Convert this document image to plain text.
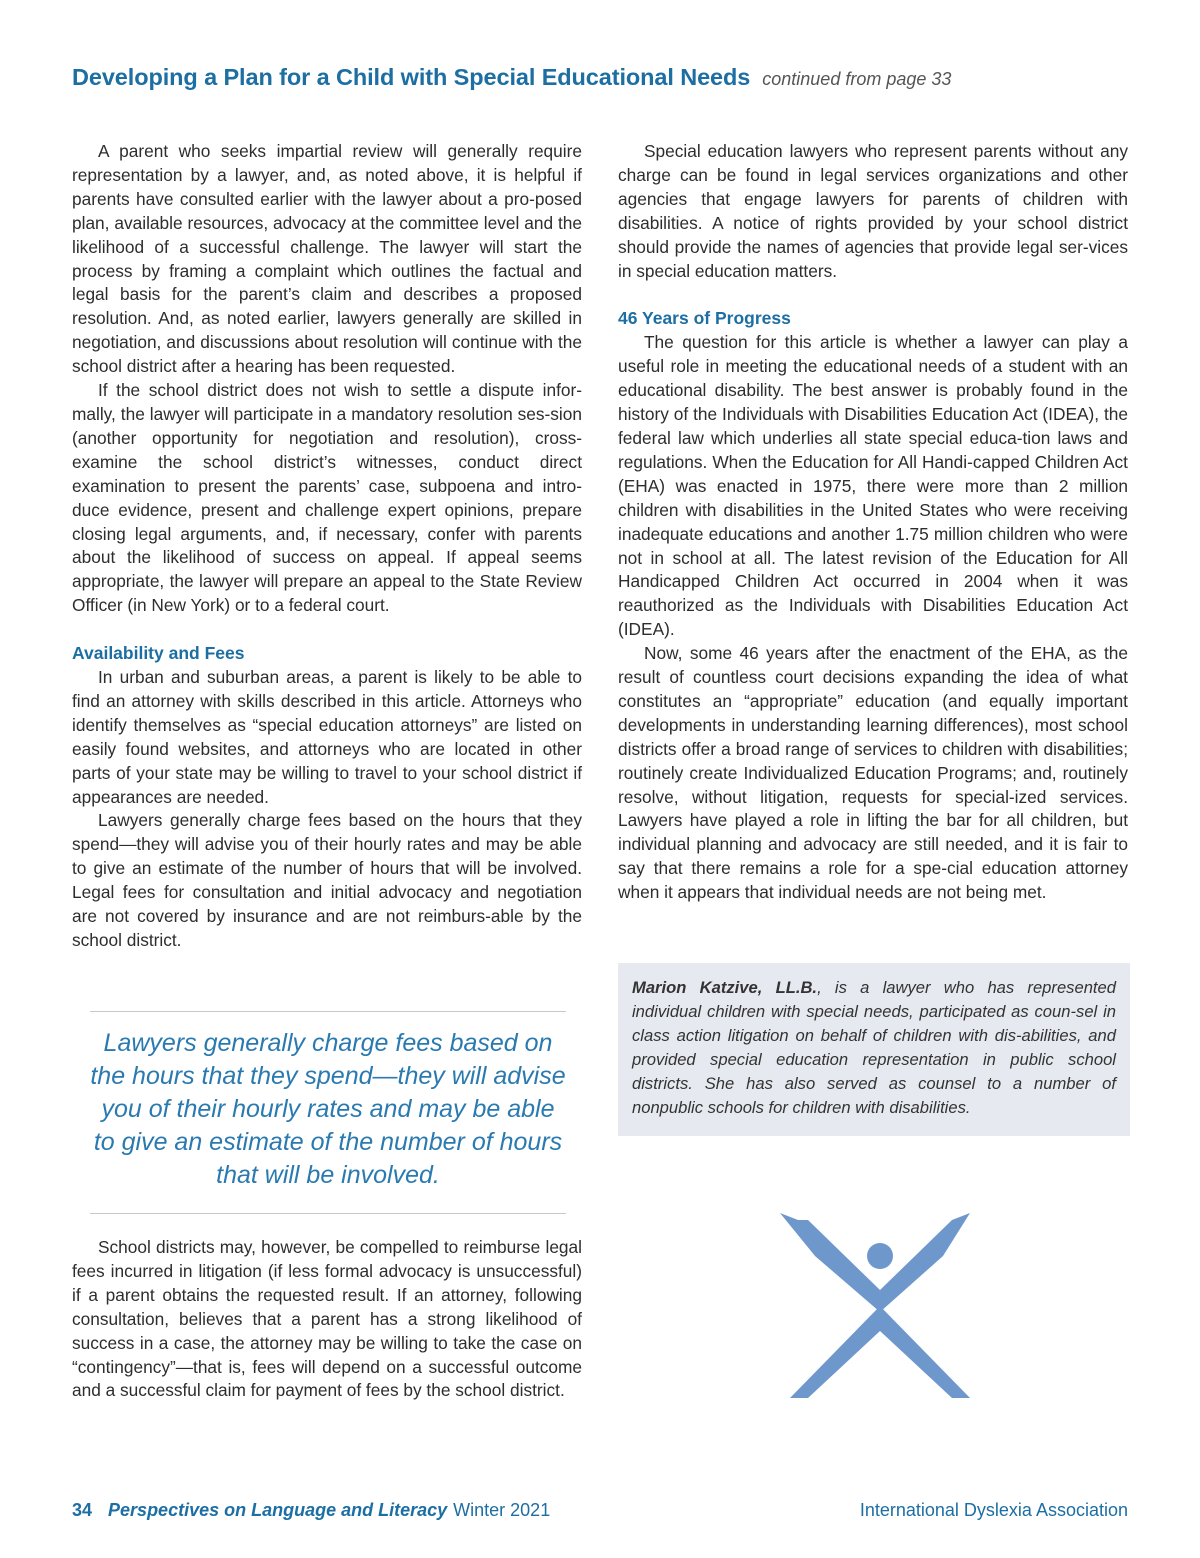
Developing a Plan for a Child with Special Educational Needs continued from page 33

A parent who seeks impartial review will generally require representation by a lawyer, and, as noted above, it is helpful if parents have consulted earlier with the lawyer about a pro-posed plan, available resources, advocacy at the committee level and the likelihood of a successful challenge. The lawyer will start the process by framing a complaint which outlines the factual and legal basis for the parent’s claim and describes a proposed resolution. And, as noted earlier, lawyers generally are skilled in negotiation, and discussions about resolution will continue with the school district after a hearing has been requested.

If the school district does not wish to settle a dispute infor-mally, the lawyer will participate in a mandatory resolution ses-sion (another opportunity for negotiation and resolution), cross-examine the school district’s witnesses, conduct direct examination to present the parents’ case, subpoena and intro-duce evidence, present and challenge expert opinions, prepare closing legal arguments, and, if necessary, confer with parents about the likelihood of success on appeal. If appeal seems appropriate, the lawyer will prepare an appeal to the State Review Officer (in New York) or to a federal court.

Availability and Fees

In urban and suburban areas, a parent is likely to be able to find an attorney with skills described in this article. Attorneys who identify themselves as “special education attorneys” are listed on easily found websites, and attorneys who are located in other parts of your state may be willing to travel to your school district if appearances are needed.

Lawyers generally charge fees based on the hours that they spend—they will advise you of their hourly rates and may be able to give an estimate of the number of hours that will be involved. Legal fees for consultation and initial advocacy and negotiation are not covered by insurance and are not reimburs-able by the school district.

Lawyers generally charge fees based on the hours that they spend—they will advise you of their hourly rates and may be able to give an estimate of the number of hours that will be involved.

School districts may, however, be compelled to reimburse legal fees incurred in litigation (if less formal advocacy is unsuccessful) if a parent obtains the requested result. If an attorney, following consultation, believes that a parent has a strong likelihood of success in a case, the attorney may be willing to take the case on “contingency”—that is, fees will depend on a successful outcome and a successful claim for payment of fees by the school district.

Special education lawyers who represent parents without any charge can be found in legal services organizations and other agencies that engage lawyers for parents of children with disabilities. A notice of rights provided by your school district should provide the names of agencies that provide legal ser-vices in special education matters.

46 Years of Progress

The question for this article is whether a lawyer can play a useful role in meeting the educational needs of a student with an educational disability. The best answer is probably found in the history of the Individuals with Disabilities Education Act (IDEA), the federal law which underlies all state special educa-tion laws and regulations. When the Education for All Handi-capped Children Act (EHA) was enacted in 1975, there were more than 2 million children with disabilities in the United States who were receiving inadequate educations and another 1.75 million children who were not in school at all. The latest revision of the Education for All Handicapped Children Act occurred in 2004 when it was reauthorized as the Individuals with Disabilities Education Act (IDEA).

Now, some 46 years after the enactment of the EHA, as the result of countless court decisions expanding the idea of what constitutes an “appropriate” education (and equally important developments in understanding learning differences), most school districts offer a broad range of services to children with disabilities; routinely create Individualized Education Programs; and, routinely resolve, without litigation, requests for special-ized services. Lawyers have played a role in lifting the bar for all children, but individual planning and advocacy are still needed, and it is fair to say that there remains a role for a spe-cial education attorney when it appears that individual needs are not being met.

Marion Katzive, LL.B., is a lawyer who has represented individual children with special needs, participated as coun-sel in class action litigation on behalf of children with dis-abilities, and provided special education representation in public school districts. She has also served as counsel to a number of nonpublic schools for children with disabilities.
34 Perspectives on Language and Literacy Winter 2021	International Dyslexia Association
